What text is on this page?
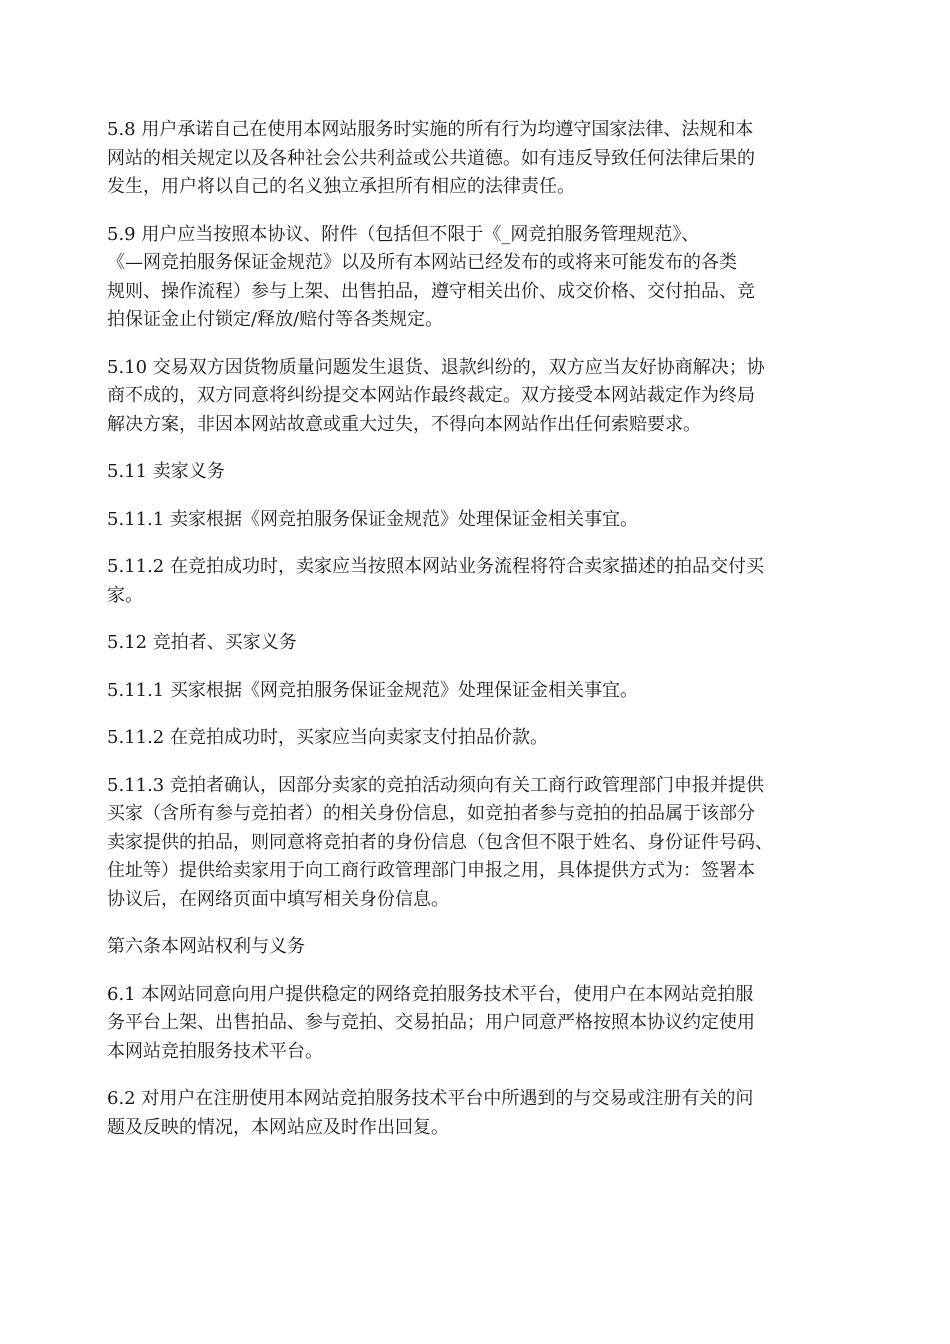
5.8 用户承诺自己在使用本网站服务时实施的所有行为均遵守国家法律、法规和本
网站的相关规定以及各种社会公共利益或公共道德。如有违反导致任何法律后果的
发生，用户将以自己的名义独立承担所有相应的法律责任。

5.9 用户应当按照本协议、附件（包括但不限于《_网竞拍服务管理规范》、
《—网竞拍服务保证金规范》以及所有本网站已经发布的或将来可能发布的各类
规则、操作流程）参与上架、出售拍品，遵守相关出价、成交价格、交付拍品、竞
拍保证金止付锁定/释放/赔付等各类规定。

5.10 交易双方因货物质量问题发生退货、退款纠纷的，双方应当友好协商解决；协
商不成的，双方同意将纠纷提交本网站作最终裁定。双方接受本网站裁定作为终局
解决方案，非因本网站故意或重大过失，不得向本网站作出任何索赔要求。

5.11 卖家义务

5.11.1 卖家根据《网竞拍服务保证金规范》处理保证金相关事宜。

5.11.2 在竞拍成功时，卖家应当按照本网站业务流程将符合卖家描述的拍品交付买
家。

5.12 竞拍者、买家义务

5.11.1 买家根据《网竞拍服务保证金规范》处理保证金相关事宜。

5.11.2 在竞拍成功时，买家应当向卖家支付拍品价款。

5.11.3 竞拍者确认，因部分卖家的竞拍活动须向有关工商行政管理部门申报并提供
买家（含所有参与竞拍者）的相关身份信息，如竞拍者参与竞拍的拍品属于该部分
卖家提供的拍品，则同意将竞拍者的身份信息（包含但不限于姓名、身份证件号码、
住址等）提供给卖家用于向工商行政管理部门申报之用，具体提供方式为：签署本
协议后，在网络页面中填写相关身份信息。

第六条本网站权利与义务

6.1 本网站同意向用户提供稳定的网络竞拍服务技术平台，使用户在本网站竞拍服
务平台上架、出售拍品、参与竞拍、交易拍品；用户同意严格按照本协议约定使用
本网站竞拍服务技术平台。

6.2 对用户在注册使用本网站竞拍服务技术平台中所遇到的与交易或注册有关的问
题及反映的情况，本网站应及时作出回复。
